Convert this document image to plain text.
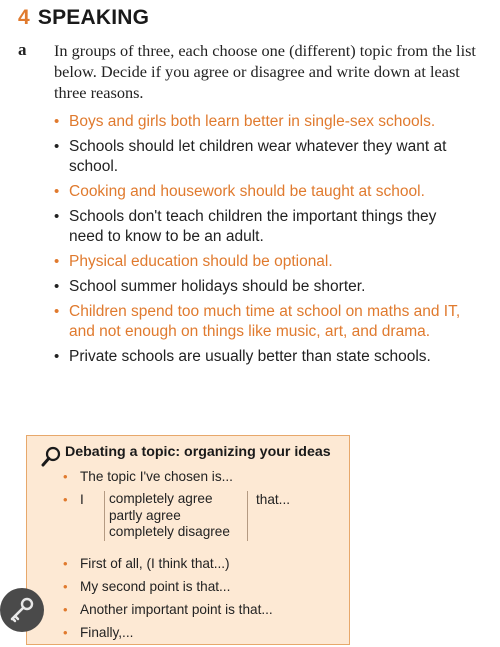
4 SPEAKING
a In groups of three, each choose one (different) topic from the list below. Decide if you agree or disagree and write down at least three reasons.
• Boys and girls both learn better in single-sex schools.
• Schools should let children wear whatever they want at school.
• Cooking and housework should be taught at school.
• Schools don't teach children the important things they need to know to be an adult.
• Physical education should be optional.
• School summer holidays should be shorter.
• Children spend too much time at school on maths and IT, and not enough on things like music, art, and drama.
• Private schools are usually better than state schools.
Debating a topic: organizing your ideas
• The topic I've chosen is...
• I completely agree
partly agree
completely disagree
that...
• First of all, (I think that...)
• My second point is that...
• Another important point is that...
• Finally,...
